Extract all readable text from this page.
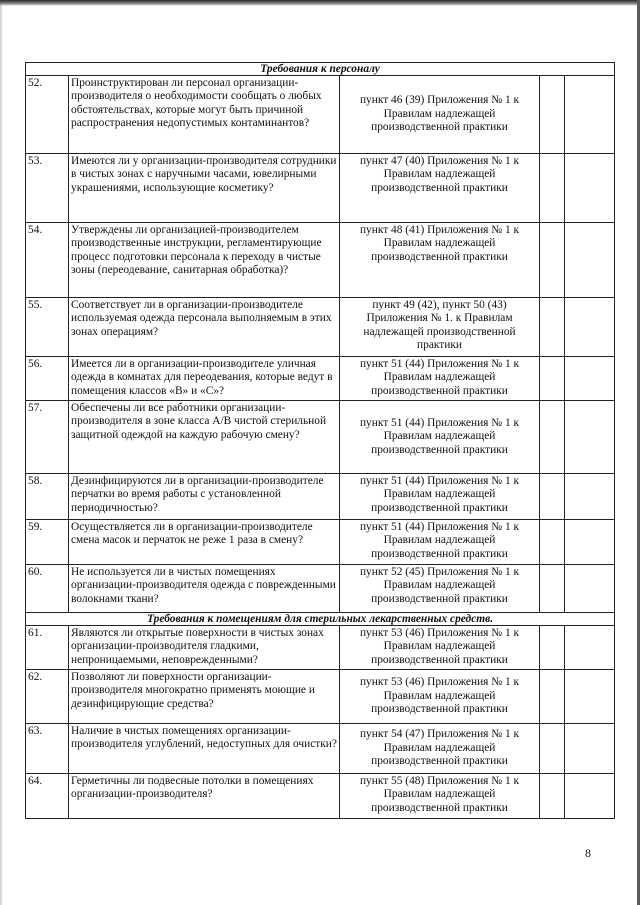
Требования к персоналу				
52.	Проинструктирован ли персонал организации-производителя о необходимости сообщать о любых обстоятельствах, которые могут быть причиной распространения недопустимых контаминантов?	пункт 46 (39) Приложения № 1 к Правилам надлежащей производственной практики		
53.	Имеются ли у организации-производителя сотрудники в чистых зонах с наручными часами, ювелирными украшениями, использующие косметику?	пункт 47 (40) Приложения № 1 к Правилам надлежащей производственной практики		
54.	Утверждены ли организацией-производителем производственные инструкции, регламентирующие процесс подготовки персонала к переходу в чистые зоны (переодевание, санитарная обработка)?	пункт 48 (41) Приложения № 1 к Правилам надлежащей производственной практики		
55.	Соответствует ли в организации-производителе используемая одежда персонала выполняемым в этих зонах операциям?	пункт 49 (42), пункт 50 (43) Приложения № 1. к Правилам надлежащей производственной практики		
56.	Имеется ли в организации-производителе уличная одежда в комнатах для переодевания, которые ведут в помещения классов «В» и «С»?	пункт 51 (44) Приложения № 1 к Правилам надлежащей производственной практики		
57.	Обеспечены ли все работники организации-производителя в зоне класса А/В чистой стерильной защитной одеждой на каждую рабочую смену?	пункт 51 (44) Приложения № 1 к Правилам надлежащей производственной практики		
58.	Дезинфицируются ли в организации-производителе перчатки во время работы с установленной периодичностью?	пункт 51 (44) Приложения № 1 к Правилам надлежащей производственной практики		
59.	Осуществляется ли в организации-производителе смена масок и перчаток не реже 1 раза в смену?	пункт 51 (44) Приложения № 1 к Правилам надлежащей производственной практики		
60.	Не используется ли в чистых помещениях организации-производителя одежда с поврежденными волокнами ткани?	пункт 52 (45) Приложения № 1 к Правилам надлежащей производственной практики		
Требования к помещениям для стерильных лекарственных средств.				
61.	Являются ли открытые поверхности в чистых зонах организации-производителя гладкими, непроницаемыми, неповрежденными?	пункт 53 (46) Приложения № 1 к Правилам надлежащей производственной практики		
62.	Позволяют ли поверхности организации-производителя многократно применять моющие и дезинфицирующие средства?	пункт 53 (46) Приложения № 1 к Правилам надлежащей производственной практики		
63.	Наличие в чистых помещениях организации-производителя углублений, недоступных для очистки?	пункт 54 (47) Приложения № 1 к Правилам надлежащей производственной практики		
64.	Герметичны ли подвесные потолки в помещениях организации-производителя?	пункт 55 (48) Приложения № 1 к Правилам надлежащей производственной практики		
8
